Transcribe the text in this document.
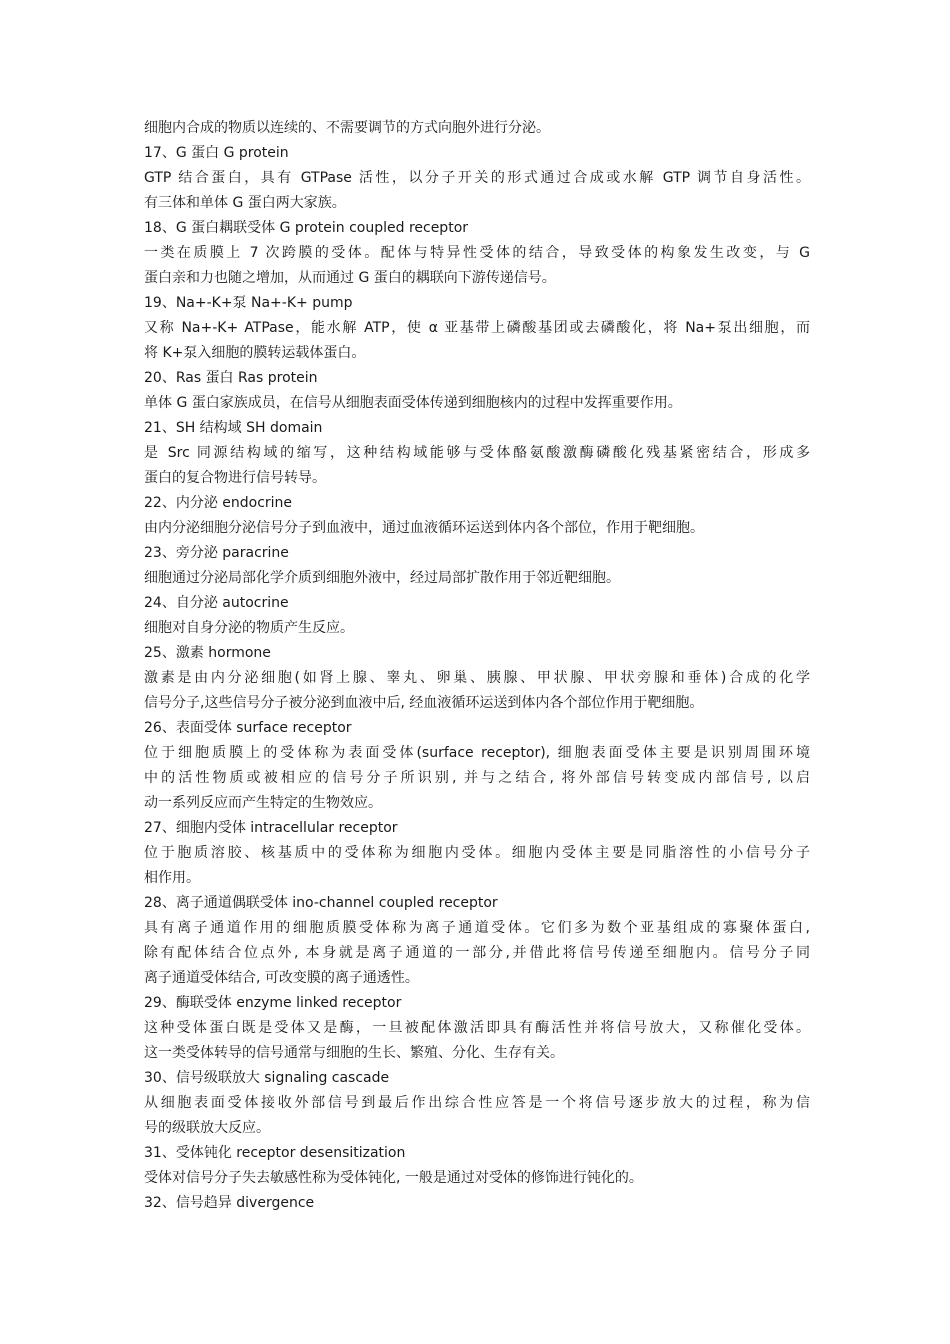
细胞内合成的物质以连续的、不需要调节的方式向胞外进行分泌。
17、G 蛋白 G protein
GTP 结合蛋白，具有 GTPase 活性，以分子开关的形式通过合成或水解 GTP 调节自身活性。
有三体和单体 G 蛋白两大家族。
18、G 蛋白耦联受体 G protein coupled receptor
一类在质膜上 7 次跨膜的受体。配体与特异性受体的结合，导致受体的构象发生改变，与 G
蛋白亲和力也随之增加，从而通过 G 蛋白的耦联向下游传递信号。
19、Na+-K+泵 Na+-K+ pump
又称 Na+-K+ ATPase，能水解 ATP，使 α 亚基带上磷酸基团或去磷酸化，将 Na+泵出细胞，而
将 K+泵入细胞的膜转运载体蛋白。
20、Ras 蛋白 Ras protein
单体 G 蛋白家族成员，在信号从细胞表面受体传递到细胞核内的过程中发挥重要作用。
21、SH 结构域 SH domain
是 Src 同源结构域的缩写，这种结构域能够与受体酪氨酸激酶磷酸化残基紧密结合，形成多
蛋白的复合物进行信号转导。
22、内分泌 endocrine
由内分泌细胞分泌信号分子到血液中，通过血液循环运送到体内各个部位，作用于靶细胞。
23、旁分泌 paracrine
细胞通过分泌局部化学介质到细胞外液中，经过局部扩散作用于邻近靶细胞。
24、自分泌 autocrine
细胞对自身分泌的物质产生反应。
25、激素 hormone
激素是由内分泌细胞(如肾上腺、睾丸、卵巢、胰腺、甲状腺、甲状旁腺和垂体)合成的化学
信号分子,这些信号分子被分泌到血液中后, 经血液循环运送到体内各个部位作用于靶细胞。
26、表面受体 surface receptor
位于细胞质膜上的受体称为表面受体(surface receptor), 细胞表面受体主要是识别周围环境
中的活性物质或被相应的信号分子所识别, 并与之结合, 将外部信号转变成内部信号, 以启
动一系列反应而产生特定的生物效应。
27、细胞内受体 intracellular receptor
位于胞质溶胶、核基质中的受体称为细胞内受体。细胞内受体主要是同脂溶性的小信号分子
相作用。
28、离子通道偶联受体 ino-channel coupled receptor
具有离子通道作用的细胞质膜受体称为离子通道受体。它们多为数个亚基组成的寡聚体蛋白,
除有配体结合位点外, 本身就是离子通道的一部分,并借此将信号传递至细胞内。信号分子同
离子通道受体结合, 可改变膜的离子通透性。
29、酶联受体 enzyme linked receptor
这种受体蛋白既是受体又是酶，一旦被配体激活即具有酶活性并将信号放大，又称催化受体。
这一类受体转导的信号通常与细胞的生长、繁殖、分化、生存有关。
30、信号级联放大 signaling cascade
从细胞表面受体接收外部信号到最后作出综合性应答是一个将信号逐步放大的过程，称为信
号的级联放大反应。
31、受体钝化 receptor desensitization
受体对信号分子失去敏感性称为受体钝化, 一般是通过对受体的修饰进行钝化的。
32、信号趋异 divergence
